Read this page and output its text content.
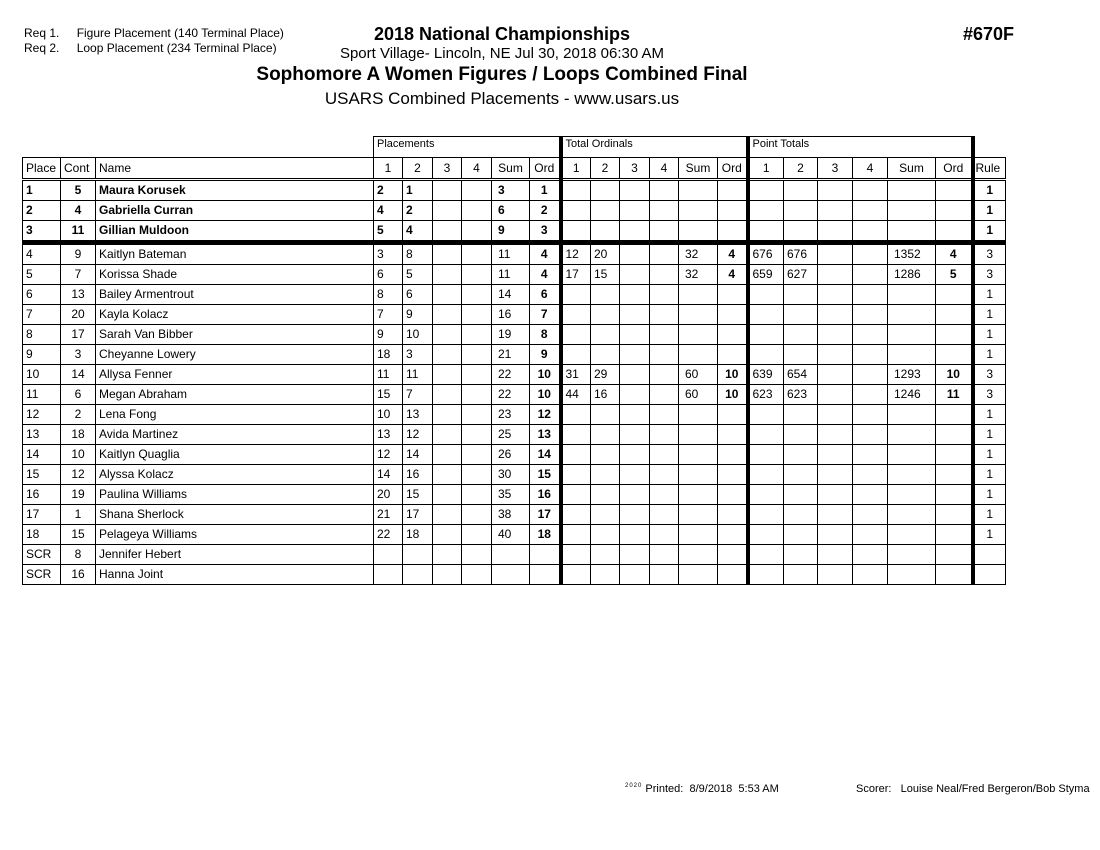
Req 1. Figure Placement (140 Terminal Place)
Req 2. Loop Placement (234 Terminal Place)
2018 National Championships
Sport Village- Lincoln, NE Jul 30, 2018 06:30 AM
Sophomore A Women Figures / Loops Combined Final
USARS Combined Placements - www.usars.us
#670F
			Placements						Total Ordinals						Point Totals						
Place	Cont	Name	1	2	3	4	Sum	Ord	1	2	3	4	Sum	Ord	1	2	3	4	Sum	Ord	Rule
1	5	Maura Korusek	2	1			3	1													1
2	4	Gabriella Curran	4	2			6	2													1
3	11	Gillian Muldoon	5	4			9	3													1
4	9	Kaitlyn Bateman	3	8			11	4	12	20			32	4	676	676			1352	4	3
5	7	Korissa Shade	6	5			11	4	17	15			32	4	659	627			1286	5	3
6	13	Bailey Armentrout	8	6			14	6													1
7	20	Kayla Kolacz	7	9			16	7													1
8	17	Sarah Van Bibber	9	10			19	8													1
9	3	Cheyanne Lowery	18	3			21	9													1
10	14	Allysa Fenner	11	11			22	10	31	29			60	10	639	654			1293	10	3
11	6	Megan Abraham	15	7			22	10	44	16			60	10	623	623			1246	11	3
12	2	Lena Fong	10	13			23	12													1
13	18	Avida Martinez	13	12			25	13													1
14	10	Kaitlyn Quaglia	12	14			26	14													1
15	12	Alyssa Kolacz	14	16			30	15													1
16	19	Paulina Williams	20	15			35	16													1
17	1	Shana Sherlock	21	17			38	17													1
18	15	Pelageya Williams	22	18			40	18													1
SCR	8	Jennifer Hebert																			
SCR	16	Hanna Joint																			
$^{2020}$ Printed: 8/9/2018  5:53 AM	Scorer: Louise Neal/Fred Bergeron/Bob Styma
